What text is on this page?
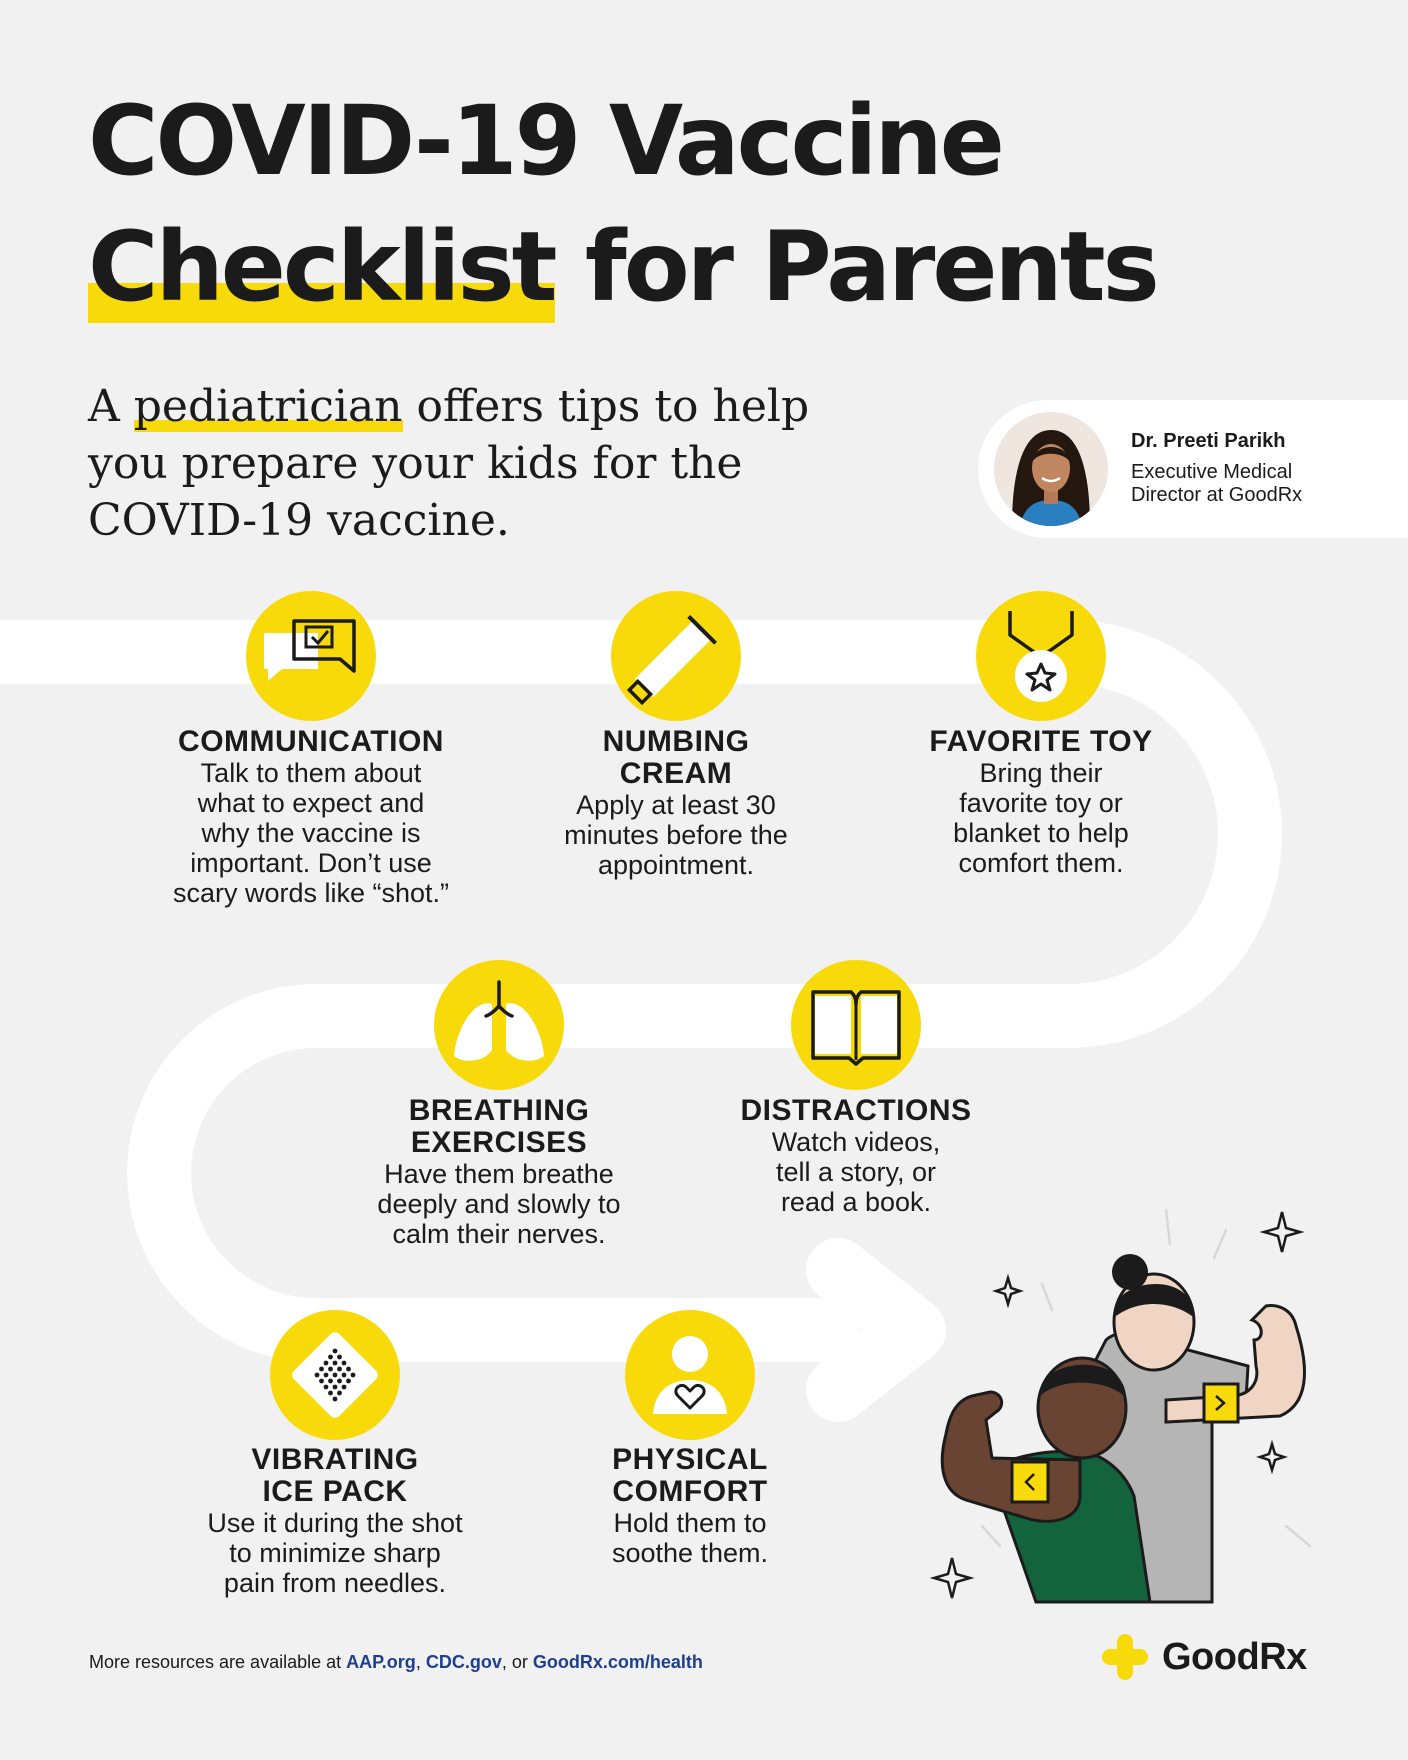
COVID-19 Vaccine
Checklist for Parents

A pediatrician offers tips to help you prepare your kids for the COVID-19 vaccine.

Dr. Preeti Parikh
Executive Medical Director at GoodRx

COMMUNICATION

Talk to them about
what to expect and
why the vaccine is
important. Don’t use
scary words like “shot.”

NUMBING
CREAM

Apply at least 30
minutes before the
appointment.

FAVORITE TOY

Bring their
favorite toy or
blanket to help
comfort them.

BREATHING
EXERCISES

Have them breathe
deeply and slowly to
calm their nerves.

DISTRACTIONS

Watch videos,
tell a story, or
read a book.

VIBRATING
ICE PACK

Use it during the shot
to minimize sharp
pain from needles.

PHYSICAL
COMFORT

Hold them to
soothe them.

More resources are available at AAP.org, CDC.gov, or GoodRx.com/health	GoodRx
